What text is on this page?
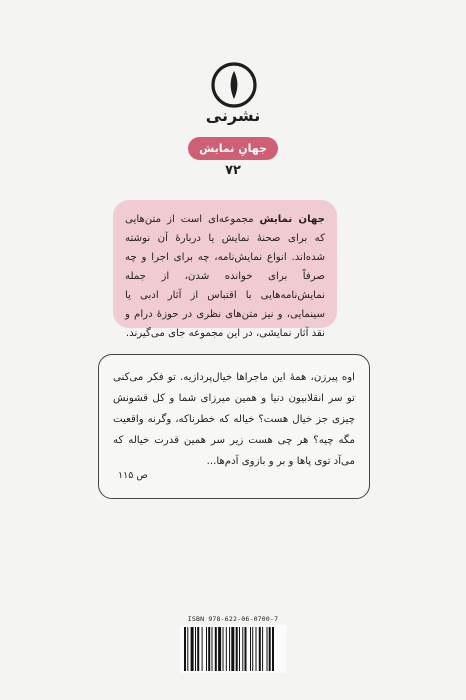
نشرنی
جهانِ نمایش
۷۲
جهان نمایش مجموعه‌ای است از متن‌هایی که برای صحنهٔ نمایش یا دربارهٔ آن نوشته شده‌اند. انواع نمایش‌نامه، چه برای اجرا و چه صرفاً برای خوانده شدن، از جمله نمایش‌نامه‌هایی با اقتباس از آثار ادبی یا سینمایی، و نیز متن‌های نظری در حوزهٔ درام و نقد آثار نمایشی، در این مجموعه جای می‌گیرند.
اوه پیرزن، همهٔ این ماجراها خیال‌پردازیه. تو فکر می‌کنی تو سر انقلابیون دنیا و همین میرزای شما و کل قشونش چیزی جز خیال هست؟ خیاله که خطرناکه، وگرنه واقعیت مگه چیه؟ هر چی هست زیر سر همین قدرت خیاله که می‌آد توی پاها و بر و بازوی آدم‌ها...
ص ۱۱۵
ISBN 978-622-06-0700-7
